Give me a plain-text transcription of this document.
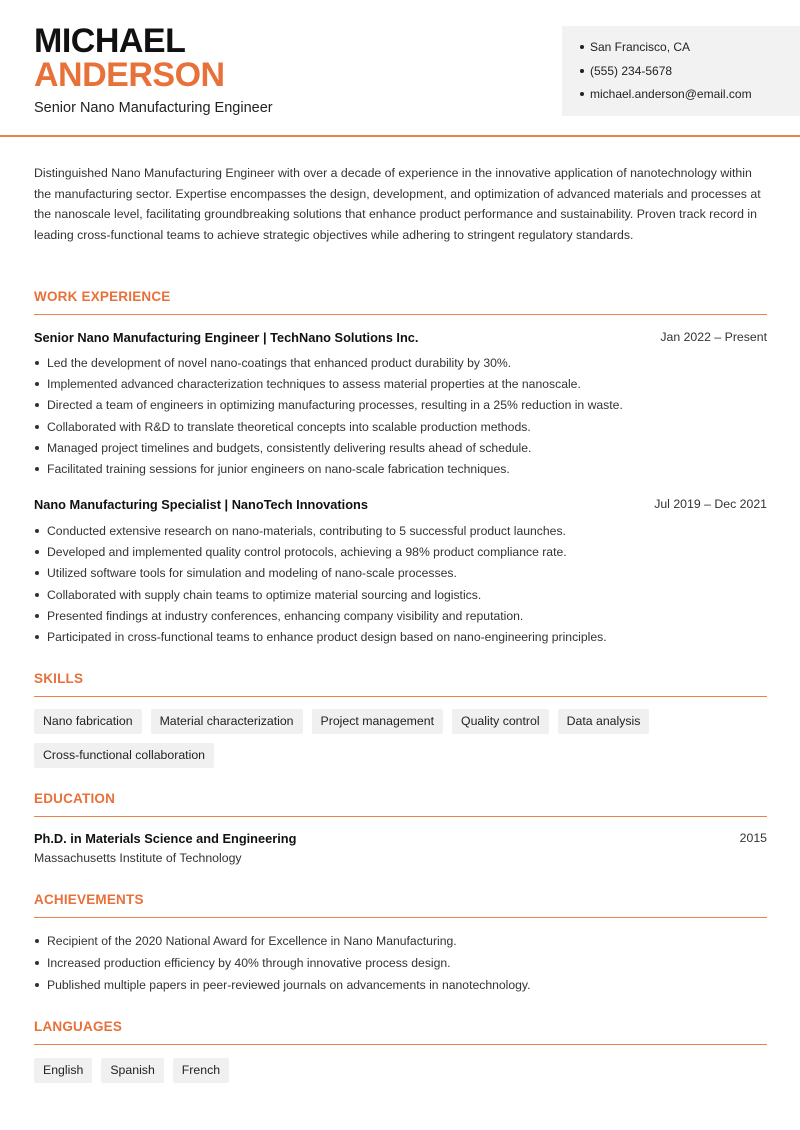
MICHAEL
ANDERSON
Senior Nano Manufacturing Engineer
San Francisco, CA
(555) 234-5678
michael.anderson@email.com

Distinguished Nano Manufacturing Engineer with over a decade of experience in the innovative application of nanotechnology within the manufacturing sector. Expertise encompasses the design, development, and optimization of advanced materials and processes at the nanoscale level, facilitating groundbreaking solutions that enhance product performance and sustainability. Proven track record in leading cross-functional teams to achieve strategic objectives while adhering to stringent regulatory standards.

WORK EXPERIENCE
Senior Nano Manufacturing Engineer | TechNano Solutions Inc.	Jan 2022 – Present
Led the development of novel nano-coatings that enhanced product durability by 30%.
Implemented advanced characterization techniques to assess material properties at the nanoscale.
Directed a team of engineers in optimizing manufacturing processes, resulting in a 25% reduction in waste.
Collaborated with R&D to translate theoretical concepts into scalable production methods.
Managed project timelines and budgets, consistently delivering results ahead of schedule.
Facilitated training sessions for junior engineers on nano-scale fabrication techniques.
Nano Manufacturing Specialist | NanoTech Innovations	Jul 2019 – Dec 2021
Conducted extensive research on nano-materials, contributing to 5 successful product launches.
Developed and implemented quality control protocols, achieving a 98% product compliance rate.
Utilized software tools for simulation and modeling of nano-scale processes.
Collaborated with supply chain teams to optimize material sourcing and logistics.
Presented findings at industry conferences, enhancing company visibility and reputation.
Participated in cross-functional teams to enhance product design based on nano-engineering principles.
SKILLS
Nano fabrication	Material characterization	Project management	Quality control	Data analysis
Cross-functional collaboration
EDUCATION
Ph.D. in Materials Science and Engineering	2015
Massachusetts Institute of Technology
ACHIEVEMENTS
Recipient of the 2020 National Award for Excellence in Nano Manufacturing.
Increased production efficiency by 40% through innovative process design.
Published multiple papers in peer-reviewed journals on advancements in nanotechnology.
LANGUAGES
English	Spanish	French
